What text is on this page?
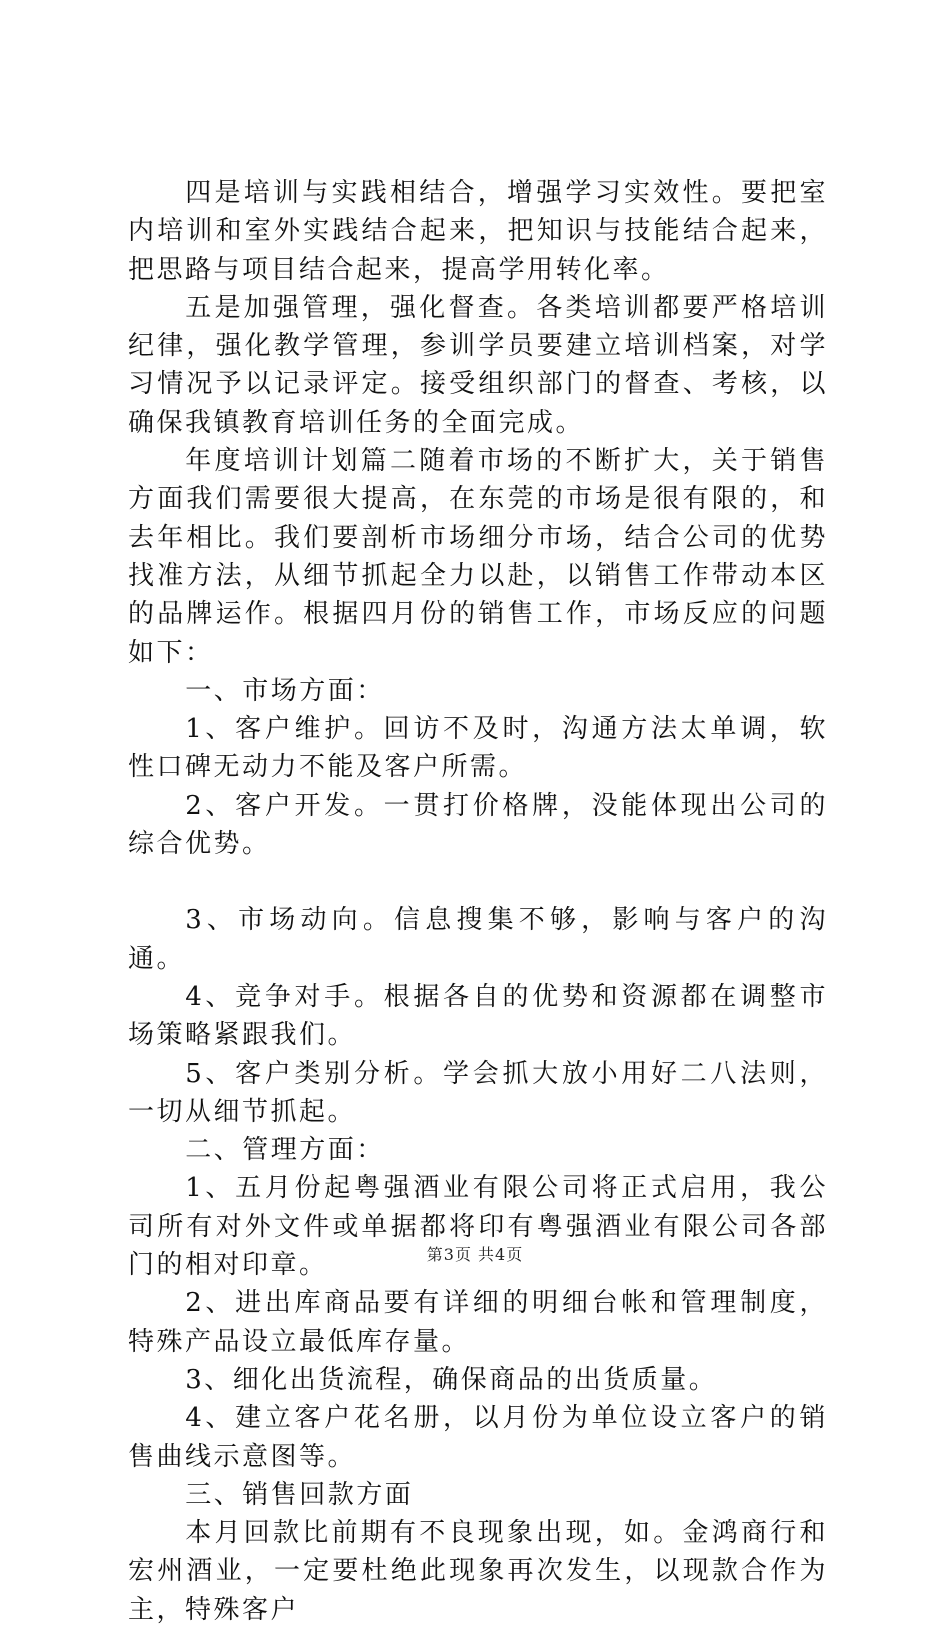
四是培训与实践相结合，增强学习实效性。要把室内培训和室外实践结合起来，把知识与技能结合起来，把思路与项目结合起来，提高学用转化率。

五是加强管理，强化督查。各类培训都要严格培训纪律，强化教学管理，参训学员要建立培训档案，对学习情况予以记录评定。接受组织部门的督查、考核，以确保我镇教育培训任务的全面完成。

年度培训计划篇二随着市场的不断扩大，关于销售方面我们需要很大提高，在东莞的市场是很有限的，和去年相比。我们要剖析市场细分市场，结合公司的优势找准方法，从细节抓起全力以赴，以销售工作带动本区的品牌运作。根据四月份的销售工作，市场反应的问题如下：

一、市场方面：

1、客户维护。回访不及时，沟通方法太单调，软性口碑无动力不能及客户所需。

2、客户开发。一贯打价格牌，没能体现出公司的综合优势。

3、市场动向。信息搜集不够，影响与客户的沟通。

4、竞争对手。根据各自的优势和资源都在调整市场策略紧跟我们。

5、客户类别分析。学会抓大放小用好二八法则，一切从细节抓起。

二、管理方面：

1、五月份起粤强酒业有限公司将正式启用，我公司所有对外文件或单据都将印有粤强酒业有限公司各部门的相对印章。

2、进出库商品要有详细的明细台帐和管理制度，特殊产品设立最低库存量。

3、细化出货流程，确保商品的出货质量。

4、建立客户花名册，以月份为单位设立客户的销售曲线示意图等。

三、销售回款方面

本月回款比前期有不良现象出现，如。金鸿商行和宏州酒业，一定要杜绝此现象再次发生，以现款合作为主，特殊客户

第3页 共4页
